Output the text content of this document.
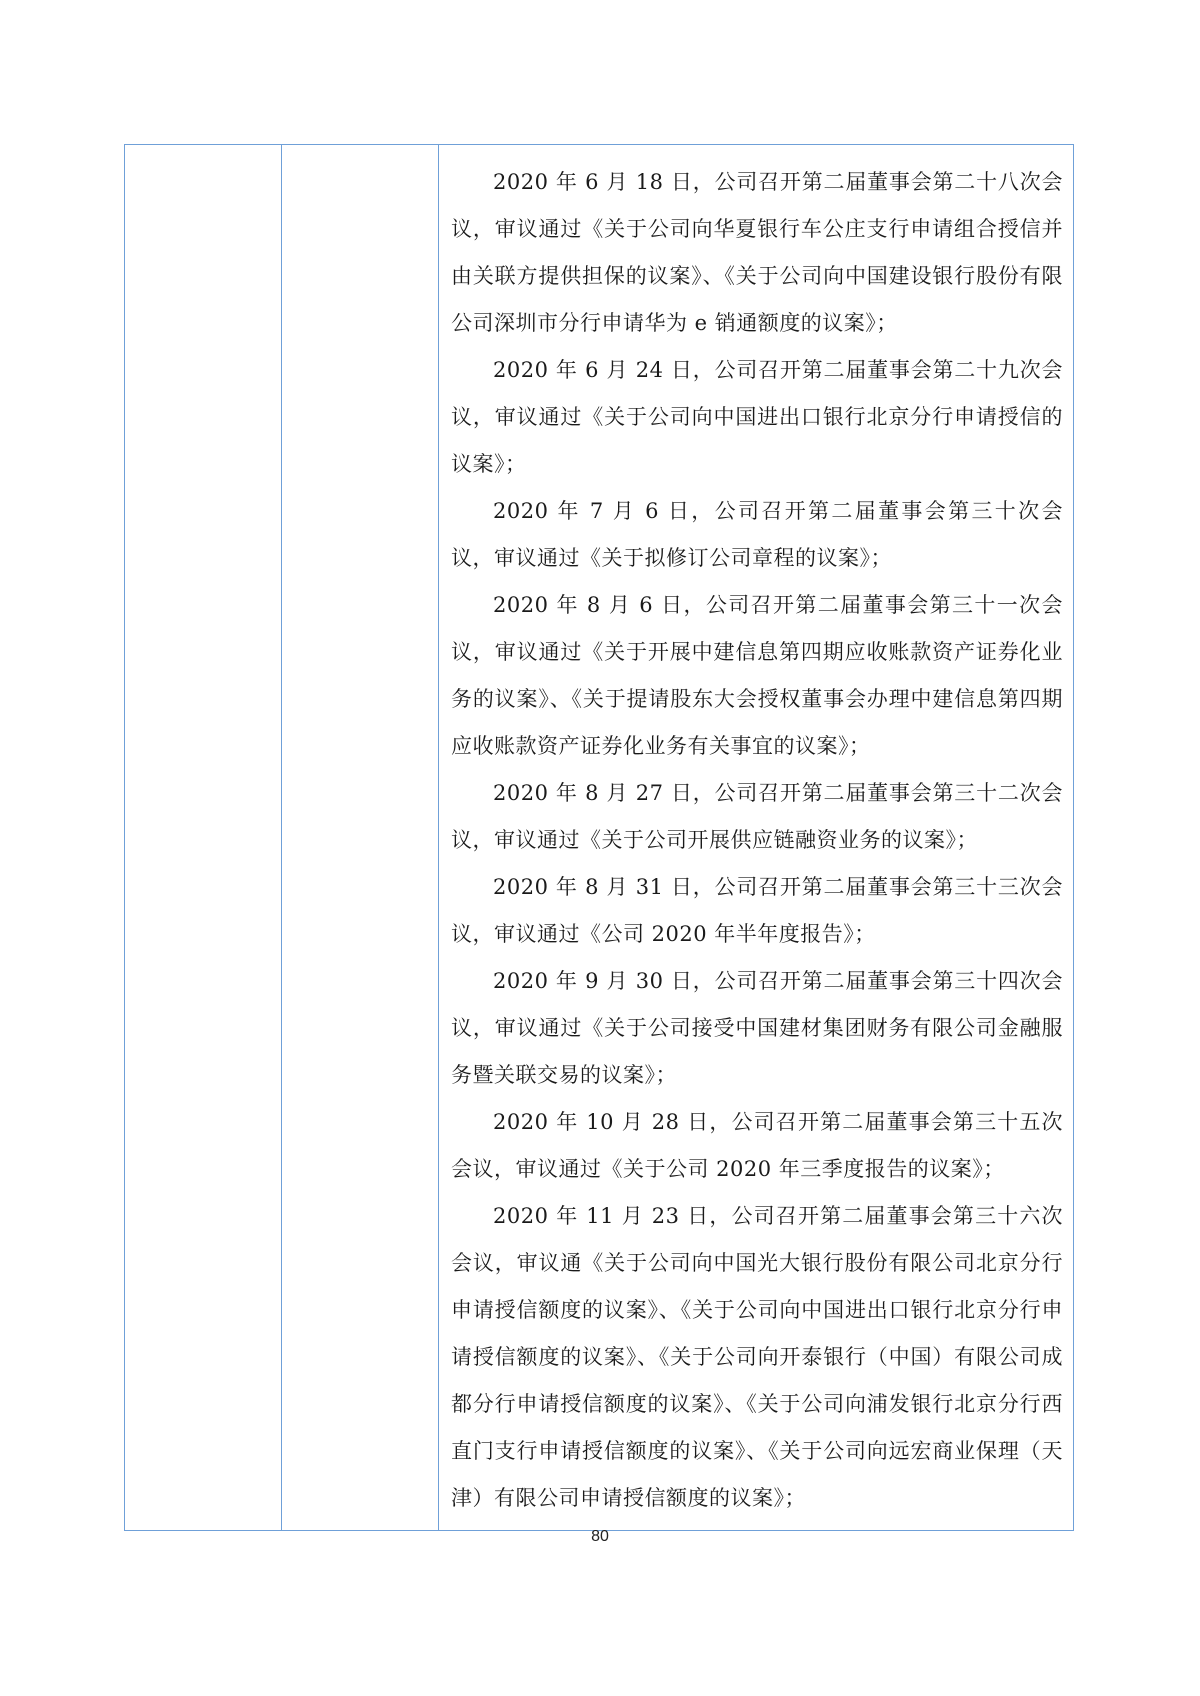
2020 年 6 月 18 日，公司召开第二届董事会第二十八次会议，审议通过《关于公司向华夏银行车公庄支行申请组合授信并由关联方提供担保的议案》、《关于公司向中国建设银行股份有限公司深圳市分行申请华为 e 销通额度的议案》；

2020 年 6 月 24 日，公司召开第二届董事会第二十九次会议，审议通过《关于公司向中国进出口银行北京分行申请授信的议案》；

2020 年 7 月 6 日，公司召开第二届董事会第三十次会议，审议通过《关于拟修订公司章程的议案》；

2020 年 8 月 6 日，公司召开第二届董事会第三十一次会议，审议通过《关于开展中建信息第四期应收账款资产证券化业务的议案》、《关于提请股东大会授权董事会办理中建信息第四期应收账款资产证券化业务有关事宜的议案》；

2020 年 8 月 27 日，公司召开第二届董事会第三十二次会议，审议通过《关于公司开展供应链融资业务的议案》；

2020 年 8 月 31 日，公司召开第二届董事会第三十三次会议，审议通过《公司 2020 年半年度报告》；

2020 年 9 月 30 日，公司召开第二届董事会第三十四次会议，审议通过《关于公司接受中国建材集团财务有限公司金融服务暨关联交易的议案》；

2020 年 10 月 28 日，公司召开第二届董事会第三十五次会议，审议通过《关于公司 2020 年三季度报告的议案》；

2020 年 11 月 23 日，公司召开第二届董事会第三十六次会议，审议通《关于公司向中国光大银行股份有限公司北京分行申请授信额度的议案》、《关于公司向中国进出口银行北京分行申请授信额度的议案》、《关于公司向开泰银行（中国）有限公司成都分行申请授信额度的议案》、《关于公司向浦发银行北京分行西直门支行申请授信额度的议案》、《关于公司向远宏商业保理（天津）有限公司申请授信额度的议案》；

80
